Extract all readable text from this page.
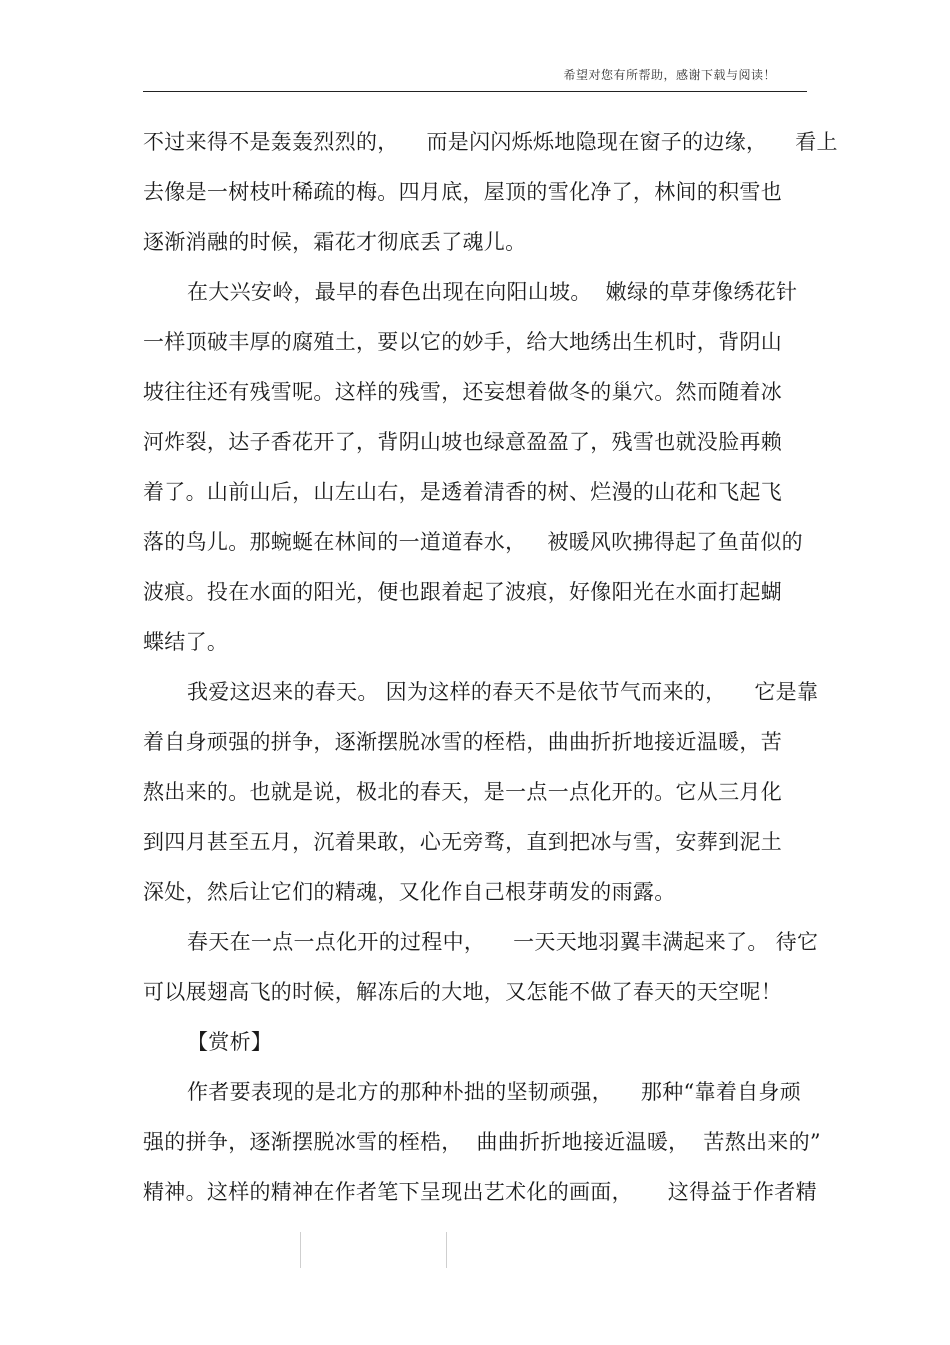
希望对您有所帮助，感谢下载与阅读！
不过来得不是轰轰烈烈的，    而是闪闪烁烁地隐现在窗子的边缘，    看上
去像是一树枝叶稀疏的梅。四月底，屋顶的雪化净了，林间的积雪也
逐渐消融的时候，霜花才彻底丢了魂儿。
在大兴安岭，最早的春色出现在向阳山坡。  嫩绿的草芽像绣花针
一样顶破丰厚的腐殖土，要以它的妙手，给大地绣出生机时，背阴山
坡往往还有残雪呢。这样的残雪，还妄想着做冬的巢穴。然而随着冰
河炸裂，达子香花开了，背阴山坡也绿意盈盈了，残雪也就没脸再赖
着了。山前山后，山左山右，是透着清香的树、烂漫的山花和飞起飞
落的鸟儿。那蜿蜒在林间的一道道春水，   被暖风吹拂得起了鱼苗似的
波痕。投在水面的阳光，便也跟着起了波痕，好像阳光在水面打起蝴
蝶结了。
我爱这迟来的春天。 因为这样的春天不是依节气而来的，    它是靠
着自身顽强的拼争，逐渐摆脱冰雪的桎梏，曲曲折折地接近温暖，苦
熬出来的。也就是说，极北的春天，是一点一点化开的。它从三月化
到四月甚至五月，沉着果敢，心无旁骛，直到把冰与雪，安葬到泥土
深处，然后让它们的精魂，又化作自己根芽萌发的雨露。
春天在一点一点化开的过程中，    一天天地羽翼丰满起来了。 待它
可以展翅高飞的时候，解冻后的大地，又怎能不做了春天的天空呢！
【赏析】
作者要表现的是北方的那种朴拙的坚韧顽强，    那种“靠着自身顽
强的拼争，逐渐摆脱冰雪的桎梏，  曲曲折折地接近温暖，  苦熬出来的”
精神。这样的精神在作者笔下呈现出艺术化的画面，     这得益于作者精
